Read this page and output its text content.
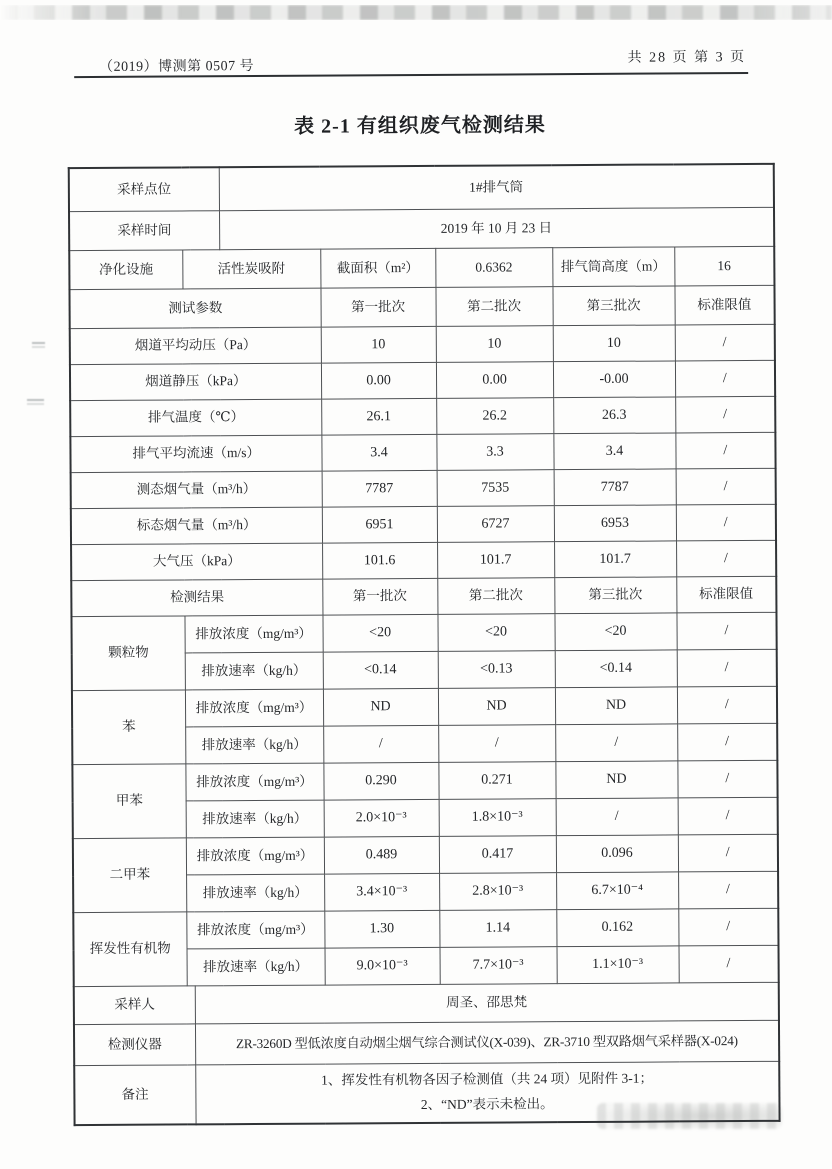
（2019）博测第 0507 号
共 28 页 第 3 页
表 2-1 有组织废气检测结果
采样点位			1#排气筒				
采样时间			2019 年 10 月 23 日				
净化设施	活性炭吸附			截面积（m²）	0.6362	排气筒高度（m）	16
测试参数				第一批次	第二批次	第三批次	标准限值
烟道平均动压（Pa）				10	10	10	/
烟道静压（kPa）				0.00	0.00	-0.00	/
排气温度（℃）				26.1	26.2	26.3	/
排气平均流速（m/s）				3.4	3.3	3.4	/
测态烟气量（m³/h）				7787	7535	7787	/
标态烟气量（m³/h）				6951	6727	6953	/
大气压（kPa）				101.6	101.7	101.7	/
检测结果				第一批次	第二批次	第三批次	标准限值
颗粒物	排放浓度（mg/m³）			<20	<20	<20	/
	排放速率（kg/h）			<0.14	<0.13	<0.14	/
苯	排放浓度（mg/m³）			ND	ND	ND	/
	排放速率（kg/h）			/	/	/	/
甲苯	排放浓度（mg/m³）			0.290	0.271	ND	/
	排放速率（kg/h）			2.0×10⁻³	1.8×10⁻³	/	/
二甲苯	排放浓度（mg/m³）			0.489	0.417	0.096	/
	排放速率（kg/h）			3.4×10⁻³	2.8×10⁻³	6.7×10⁻⁴	/
挥发性有机物	排放浓度（mg/m³）			1.30	1.14	0.162	/
	排放速率（kg/h）			9.0×10⁻³	7.7×10⁻³	1.1×10⁻³	/
采样人		周圣、邵思梵					
检测仪器		ZR-3260D 型低浓度自动烟尘烟气综合测试仪(X-039)、ZR-3710 型双路烟气采样器(X-024)					
备注		1、挥发性有机物各因子检测值（共 24 项）见附件 3-1；
2、“ND”表示未检出。					
